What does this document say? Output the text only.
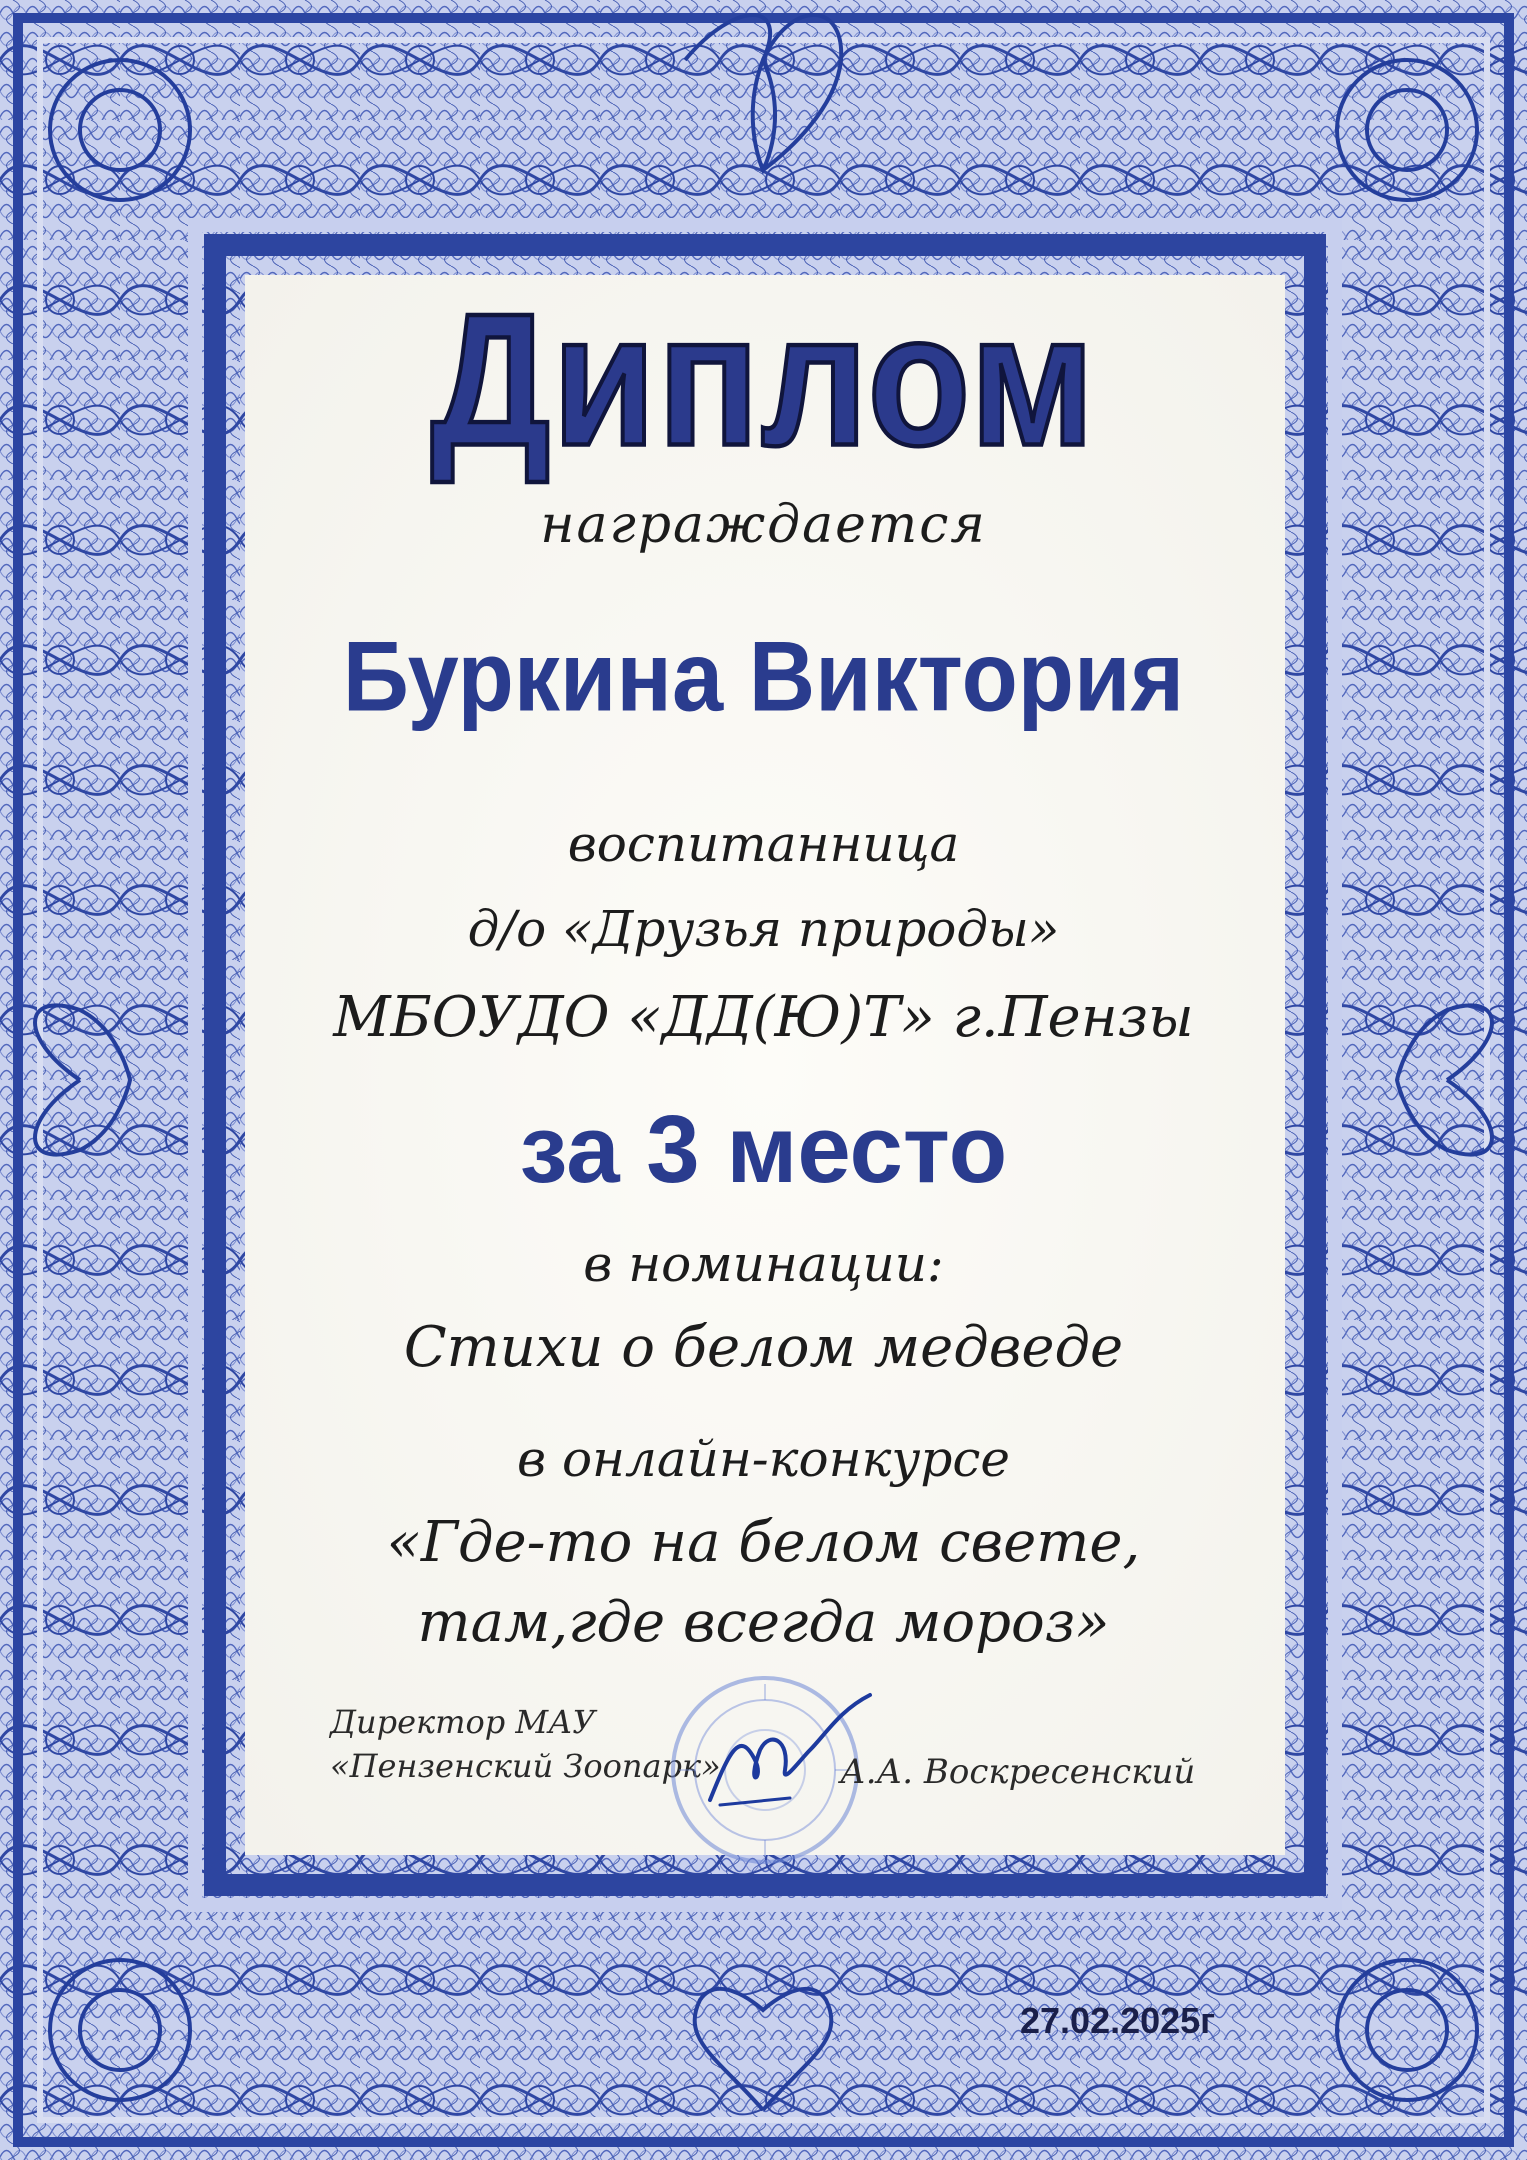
Диплом
награждается
Буркина Виктория
воспитанница
д/о «Друзья природы»
МБОУДО «ДД(Ю)Т» г.Пензы
за 3 место
в номинации:
Стихи о белом медведе
в онлайн-конкурсе
«Где-то на белом свете,
там,где всегда мороз»
Директор МАУ
«Пензенский Зоопарк»	А.А. Воскресенский
27.02.2025г
